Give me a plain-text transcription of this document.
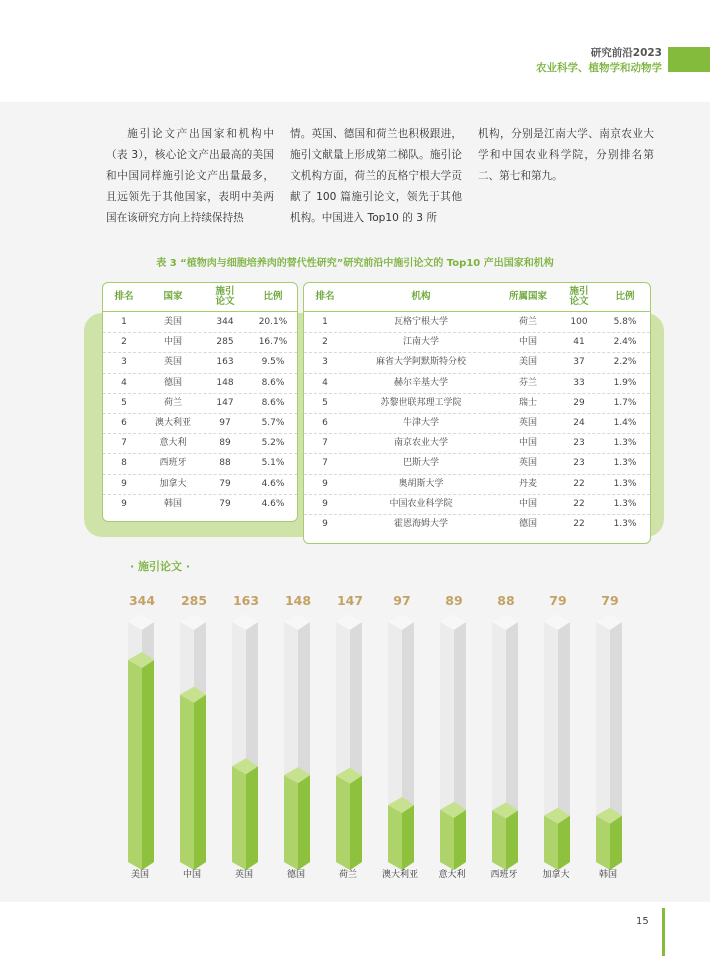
研究前沿2023
农业科学、植物学和动物学
施引论文产出国家和机构中（表 3），核心论文产出最高的美国和中国同样施引论文产出量最多，且远领先于其他国家，表明中美两国在该研究方向上持续保持热
情。英国、德国和荷兰也积极跟进，施引文献量上形成第二梯队。施引论文机构方面，荷兰的瓦格宁根大学贡献了 100 篇施引论文，领先于其他机构。中国进入 Top10 的 3 所
机构，分别是江南大学、南京农业大学和中国农业科学院，分别排名第二、第七和第九。
表 3 “植物肉与细胞培养肉的替代性研究”研究前沿中施引论文的 Top10 产出国家和机构
排名	国家	施引
论文	比例
1	美国	344	20.1%
2	中国	285	16.7%
3	英国	163	9.5%
4	德国	148	8.6%
5	荷兰	147	8.6%
6	澳大利亚	97	5.7%
7	意大利	89	5.2%
8	西班牙	88	5.1%
9	加拿大	79	4.6%
9	韩国	79	4.6%
排名	机构	所属国家	施引
论文	比例
1	瓦格宁根大学	荷兰	100	5.8%
2	江南大学	中国	41	2.4%
3	麻省大学阿默斯特分校	美国	37	2.2%
4	赫尔辛基大学	芬兰	33	1.9%
5	苏黎世联邦理工学院	瑞士	29	1.7%
6	牛津大学	英国	24	1.4%
7	南京农业大学	中国	23	1.3%
7	巴斯大学	英国	23	1.3%
9	奥胡斯大学	丹麦	22	1.3%
9	中国农业科学院	中国	22	1.3%
9	霍恩海姆大学	德国	22	1.3%
· 施引论文 ·
344
美国
285
中国
163
英国
148
德国
147
荷兰
97
澳大利亚
89
意大利
88
西班牙
79
加拿大
79
韩国
15
